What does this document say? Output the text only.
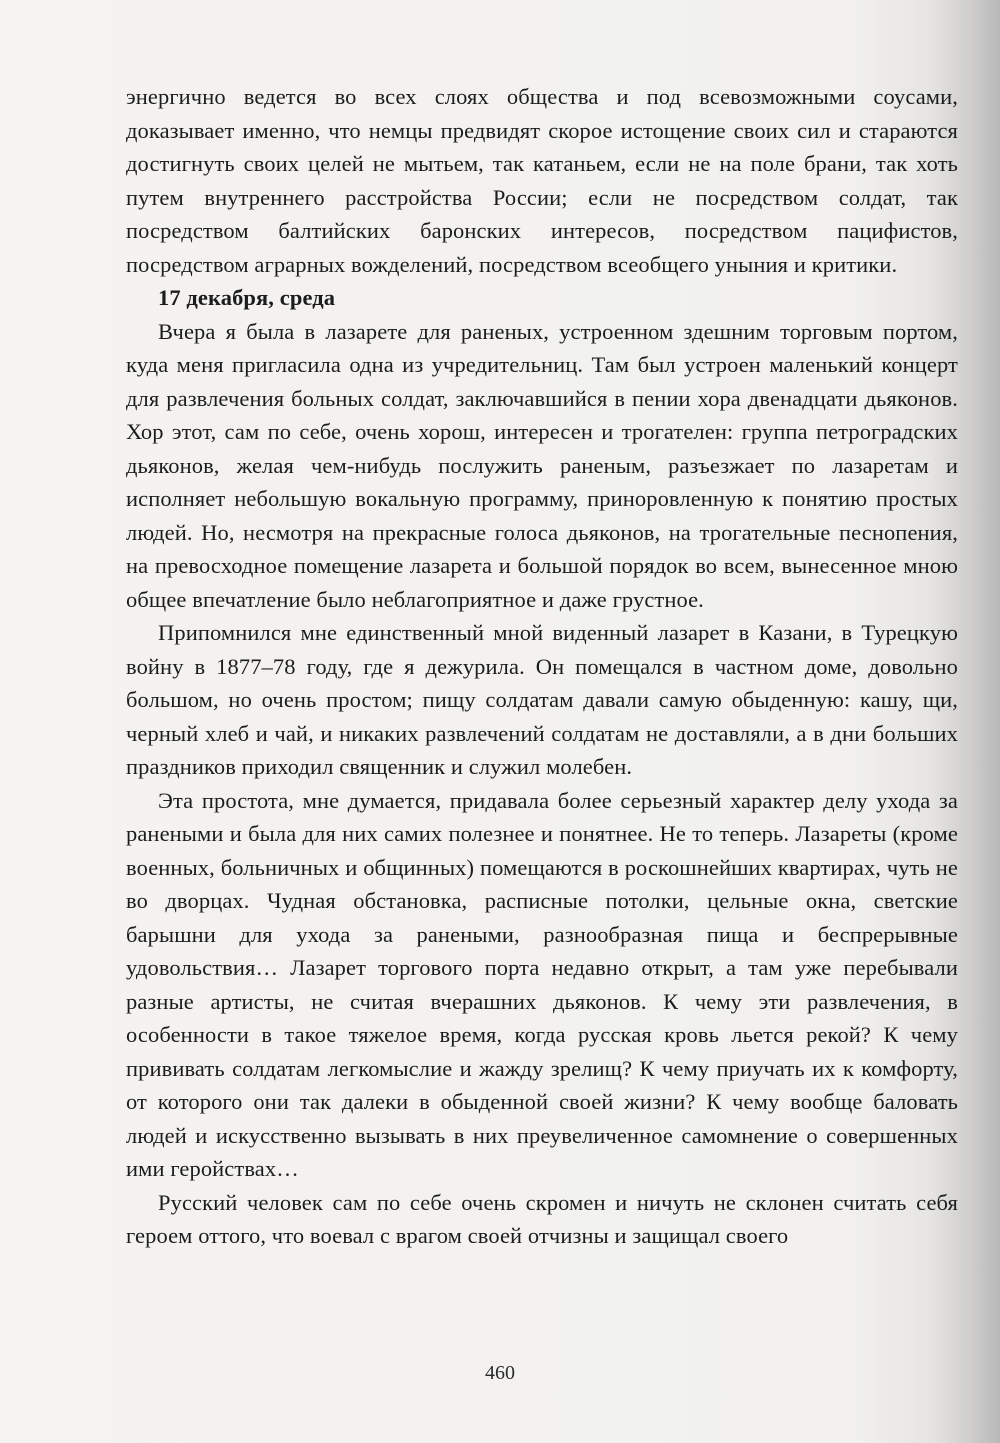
энергично ведется во всех слоях общества и под всевозможными соусами, доказывает именно, что немцы предвидят скорое истощение своих сил и стараются достигнуть своих целей не мытьем, так катаньем, если не на поле брани, так хоть путем внутреннего расстройства России; если не посредством солдат, так посредством балтийских баронских интересов, посредством пацифистов, посредством аграрных вожделений, посредством всеобщего уныния и критики.

17 декабря, среда

Вчера я была в лазарете для раненых, устроенном здешним торговым портом, куда меня пригласила одна из учредительниц. Там был устроен маленький концерт для развлечения больных солдат, заключавшийся в пении хора двенадцати дьяконов. Хор этот, сам по себе, очень хорош, интересен и трогателен: группа петроградских дьяконов, желая чем-нибудь послужить раненым, разъезжает по лазаретам и исполняет небольшую вокальную программу, приноровленную к понятию простых людей. Но, несмотря на прекрасные голоса дьяконов, на трогательные песнопения, на превосходное помещение лазарета и большой порядок во всем, вынесенное мною общее впечатление было неблагоприятное и даже грустное.

Припомнился мне единственный мной виденный лазарет в Казани, в Турецкую войну в 1877–78 году, где я дежурила. Он помещался в частном доме, довольно большом, но очень простом; пищу солдатам давали самую обыденную: кашу, щи, черный хлеб и чай, и никаких развлечений солдатам не доставляли, а в дни больших праздников приходил священник и служил молебен.

Эта простота, мне думается, придавала более серьезный характер делу ухода за ранеными и была для них самих полезнее и понятнее. Не то теперь. Лазареты (кроме военных, больничных и общинных) помещаются в роскошнейших квартирах, чуть не во дворцах. Чудная обстановка, расписные потолки, цельные окна, светские барышни для ухода за ранеными, разнообразная пища и беспрерывные удовольствия… Лазарет торгового порта недавно открыт, а там уже перебывали разные артисты, не считая вчерашних дьяконов. К чему эти развлечения, в особенности в такое тяжелое время, когда русская кровь льется рекой? К чему прививать солдатам легкомыслие и жажду зрелищ? К чему приучать их к комфорту, от которого они так далеки в обыденной своей жизни? К чему вообще баловать людей и искусственно вызывать в них преувеличенное самомнение о совершенных ими геройствах…

Русский человек сам по себе очень скромен и ничуть не склонен считать себя героем оттого, что воевал с врагом своей отчизны и защищал своего

460
